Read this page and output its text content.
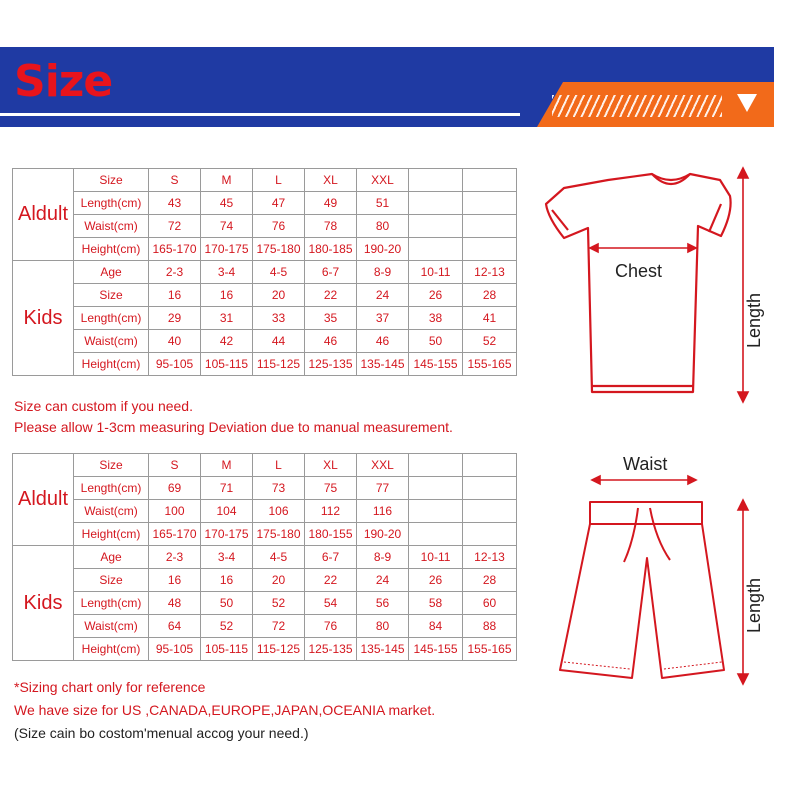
Size
Aldult	Size	S	M	L	XL	XXL		
	Length(cm)	43	45	47	49	51		
	Waist(cm)	72	74	76	78	80		
	Height(cm)	165-170	170-175	175-180	180-185	190-20		
Kids	Age	2-3	3-4	4-5	6-7	8-9	10-11	12-13
	Size	16	16	20	22	24	26	28
	Length(cm)	29	31	33	35	37	38	41
	Waist(cm)	40	42	44	46	46	50	52
	Height(cm)	95-105	105-115	115-125	125-135	135-145	145-155	155-165
Size can custom if you need.
Please allow 1-3cm measuring Deviation due to manual measurement.
Aldult	Size	S	M	L	XL	XXL		
	Length(cm)	69	71	73	75	77		
	Waist(cm)	100	104	106	112	116		
	Height(cm)	165-170	170-175	175-180	180-155	190-20		
Kids	Age	2-3	3-4	4-5	6-7	8-9	10-11	12-13
	Size	16	16	20	22	24	26	28
	Length(cm)	48	50	52	54	56	58	60
	Waist(cm)	64	52	72	76	80	84	88
	Height(cm)	95-105	105-115	115-125	125-135	135-145	145-155	155-165
*Sizing chart only for reference
We have size for US ,CANADA,EUROPE,JAPAN,OCEANIA market.
(Size cain bo costom'menual accog your need.)
Chest
Length
Waist
Length
